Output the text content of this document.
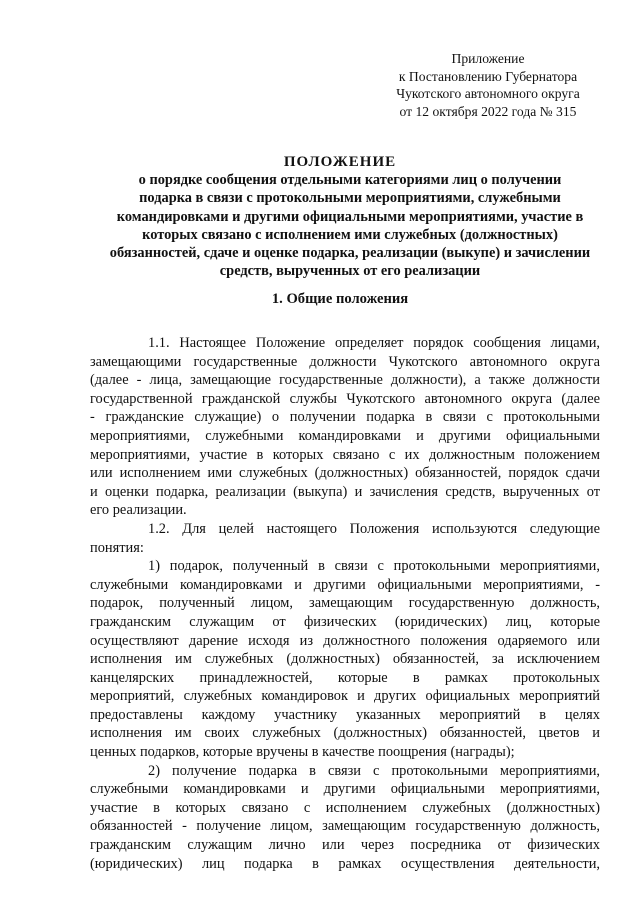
Приложение
к Постановлению Губернатора
Чукотского автономного округа
от 12 октября 2022 года № 315
ПОЛОЖЕНИЕ
о порядке сообщения отдельными категориями лиц о получении
подарка в связи с протокольными мероприятиями, служебными
командировками и другими официальными мероприятиями, участие в
которых связано с исполнением ими служебных (должностных)
обязанностей, сдаче и оценке подарка, реализации (выкупе) и зачислении
средств, вырученных от его реализации
1. Общие положения
1.1. Настоящее Положение определяет порядок сообщения лицами,
замещающими государственные должности Чукотского автономного округа
(далее - лица, замещающие государственные должности), а также должности
государственной гражданской службы Чукотского автономного округа (далее
- гражданские служащие) о получении подарка в связи с протокольными
мероприятиями, служебными командировками и другими официальными
мероприятиями, участие в которых связано с их должностным положением
или исполнением ими служебных (должностных) обязанностей, порядок сдачи
и оценки подарка, реализации (выкупа) и зачисления средств, вырученных от
его реализации.
1.2. Для целей настоящего Положения используются следующие
понятия:
1) подарок, полученный в связи с протокольными мероприятиями,
служебными командировками и другими официальными мероприятиями, -
подарок, полученный лицом, замещающим государственную должность,
гражданским служащим от физических (юридических) лиц, которые
осуществляют дарение исходя из должностного положения одаряемого или
исполнения им служебных (должностных) обязанностей, за исключением
канцелярских принадлежностей, которые в рамках протокольных
мероприятий, служебных командировок и других официальных мероприятий
предоставлены каждому участнику указанных мероприятий в целях
исполнения им своих служебных (должностных) обязанностей, цветов и
ценных подарков, которые вручены в качестве поощрения (награды);
2) получение подарка в связи с протокольными мероприятиями,
служебными командировками и другими официальными мероприятиями,
участие в которых связано с исполнением служебных (должностных)
обязанностей - получение лицом, замещающим государственную должность,
гражданским служащим лично или через посредника от физических
(юридических) лиц подарка в рамках осуществления деятельности,
